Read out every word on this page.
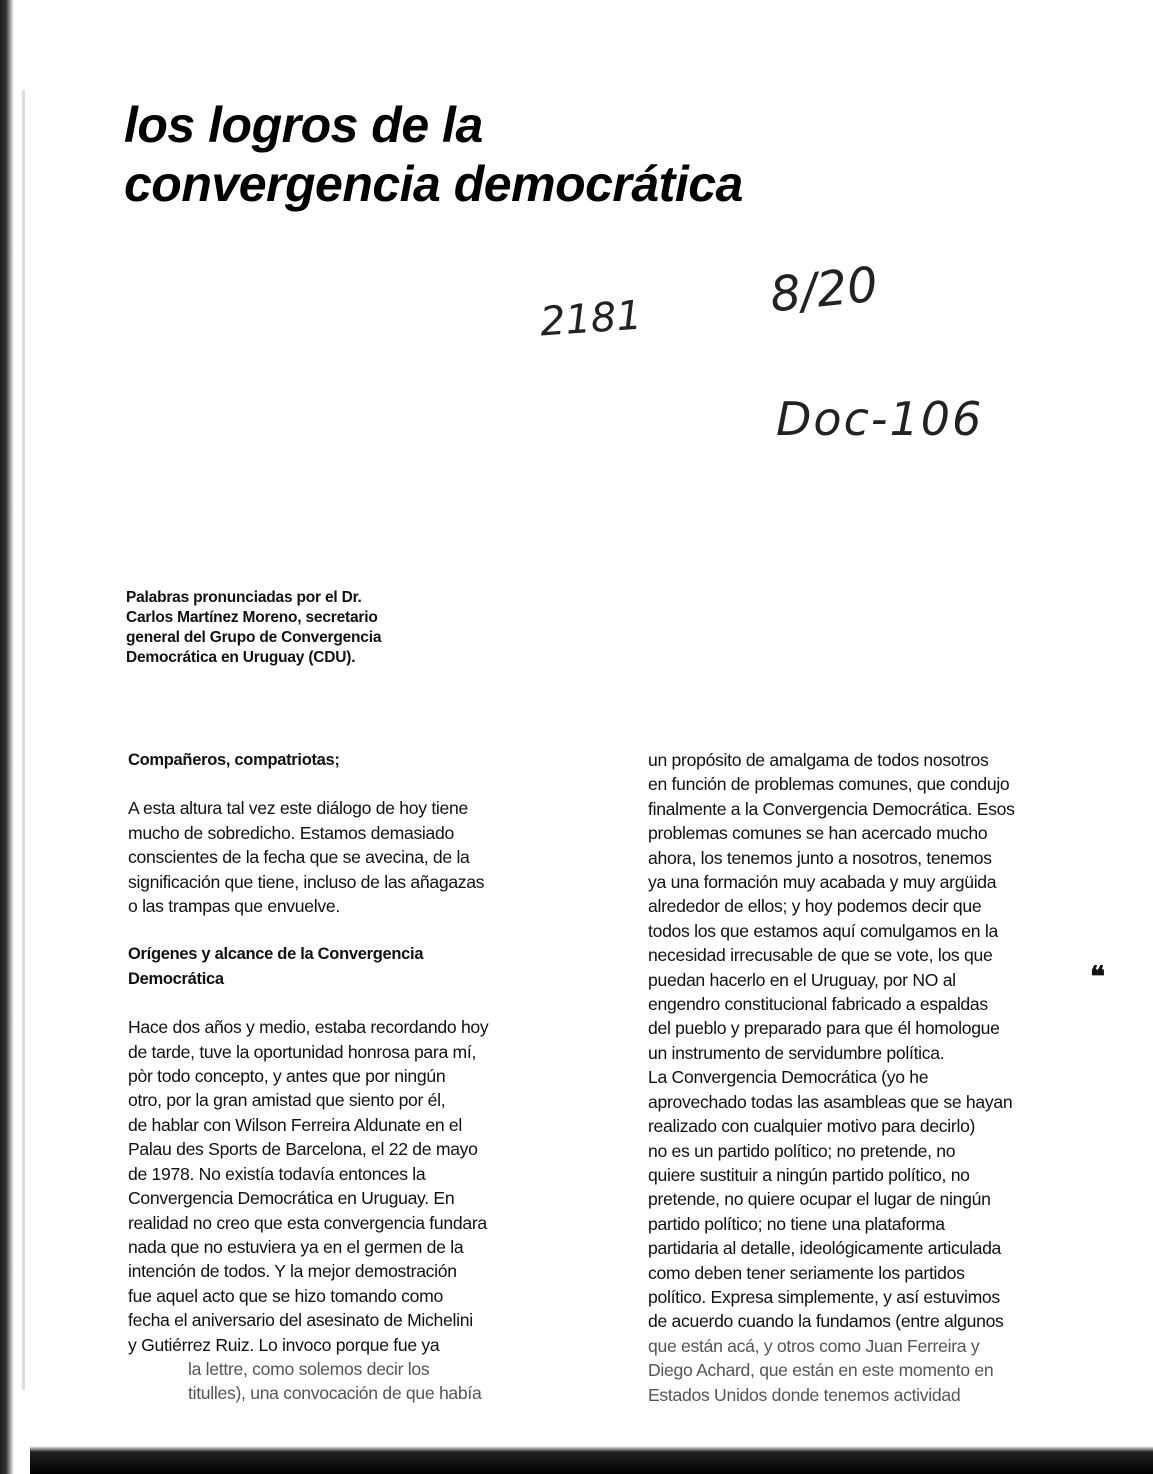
los logros de la
convergencia democrática
2181	8/20
Doc-106
Palabras pronunciadas por el Dr.
Carlos Martínez Moreno, secretario
general del Grupo de Convergencia
Democrática en Uruguay (CDU).

Compañeros, compatriotas;

A esta altura tal vez este diálogo de hoy tiene

mucho de sobredicho. Estamos demasiado

conscientes de la fecha que se avecina, de la

significación que tiene, incluso de las añagazas

o las trampas que envuelve.

Orígenes y alcance de la Convergencia

Democrática

Hace dos años y medio, estaba recordando hoy

de tarde, tuve la oportunidad honrosa para mí,

pòr todo concepto, y antes que por ningún

otro, por la gran amistad que siento por él,

de hablar con Wilson Ferreira Aldunate en el

Palau des Sports de Barcelona, el 22 de mayo

de 1978. No existía todavía entonces la

Convergencia Democrática en Uruguay. En

realidad no creo que esta convergencia fundara

nada que no estuviera ya en el germen de la

intención de todos. Y la mejor demostración

fue aquel acto que se hizo tomando como

fecha el aniversario del asesinato de Michelini

y Gutiérrez Ruiz. Lo invoco porque fue ya

la lettre, como solemos decir los

titulles), una convocación de que había

un propósito de amalgama de todos nosotros

en función de problemas comunes, que condujo

finalmente a la Convergencia Democrática. Esos

problemas comunes se han acercado mucho

ahora, los tenemos junto a nosotros, tenemos

ya una formación muy acabada y muy argüida

alrededor de ellos; y hoy podemos decir que

todos los que estamos aquí comulgamos en la

necesidad irrecusable de que se vote, los que

puedan hacerlo en el Uruguay, por NO al

engendro constitucional fabricado a espaldas

del pueblo y preparado para que él homologue

un instrumento de servidumbre política.

La Convergencia Democrática (yo he

aprovechado todas las asambleas que se hayan

realizado con cualquier motivo para decirlo)

no es un partido político; no pretende, no

quiere sustituir a ningún partido político, no

pretende, no quiere ocupar el lugar de ningún

partido político; no tiene una plataforma

partidaria al detalle, ideológicamente articulada

como deben tener seriamente los partidos

político. Expresa simplemente, y así estuvimos

de acuerdo cuando la fundamos (entre algunos

que están acá, y otros como Juan Ferreira y

Diego Achard, que están en este momento en

Estados Unidos donde tenemos actividad

❝
